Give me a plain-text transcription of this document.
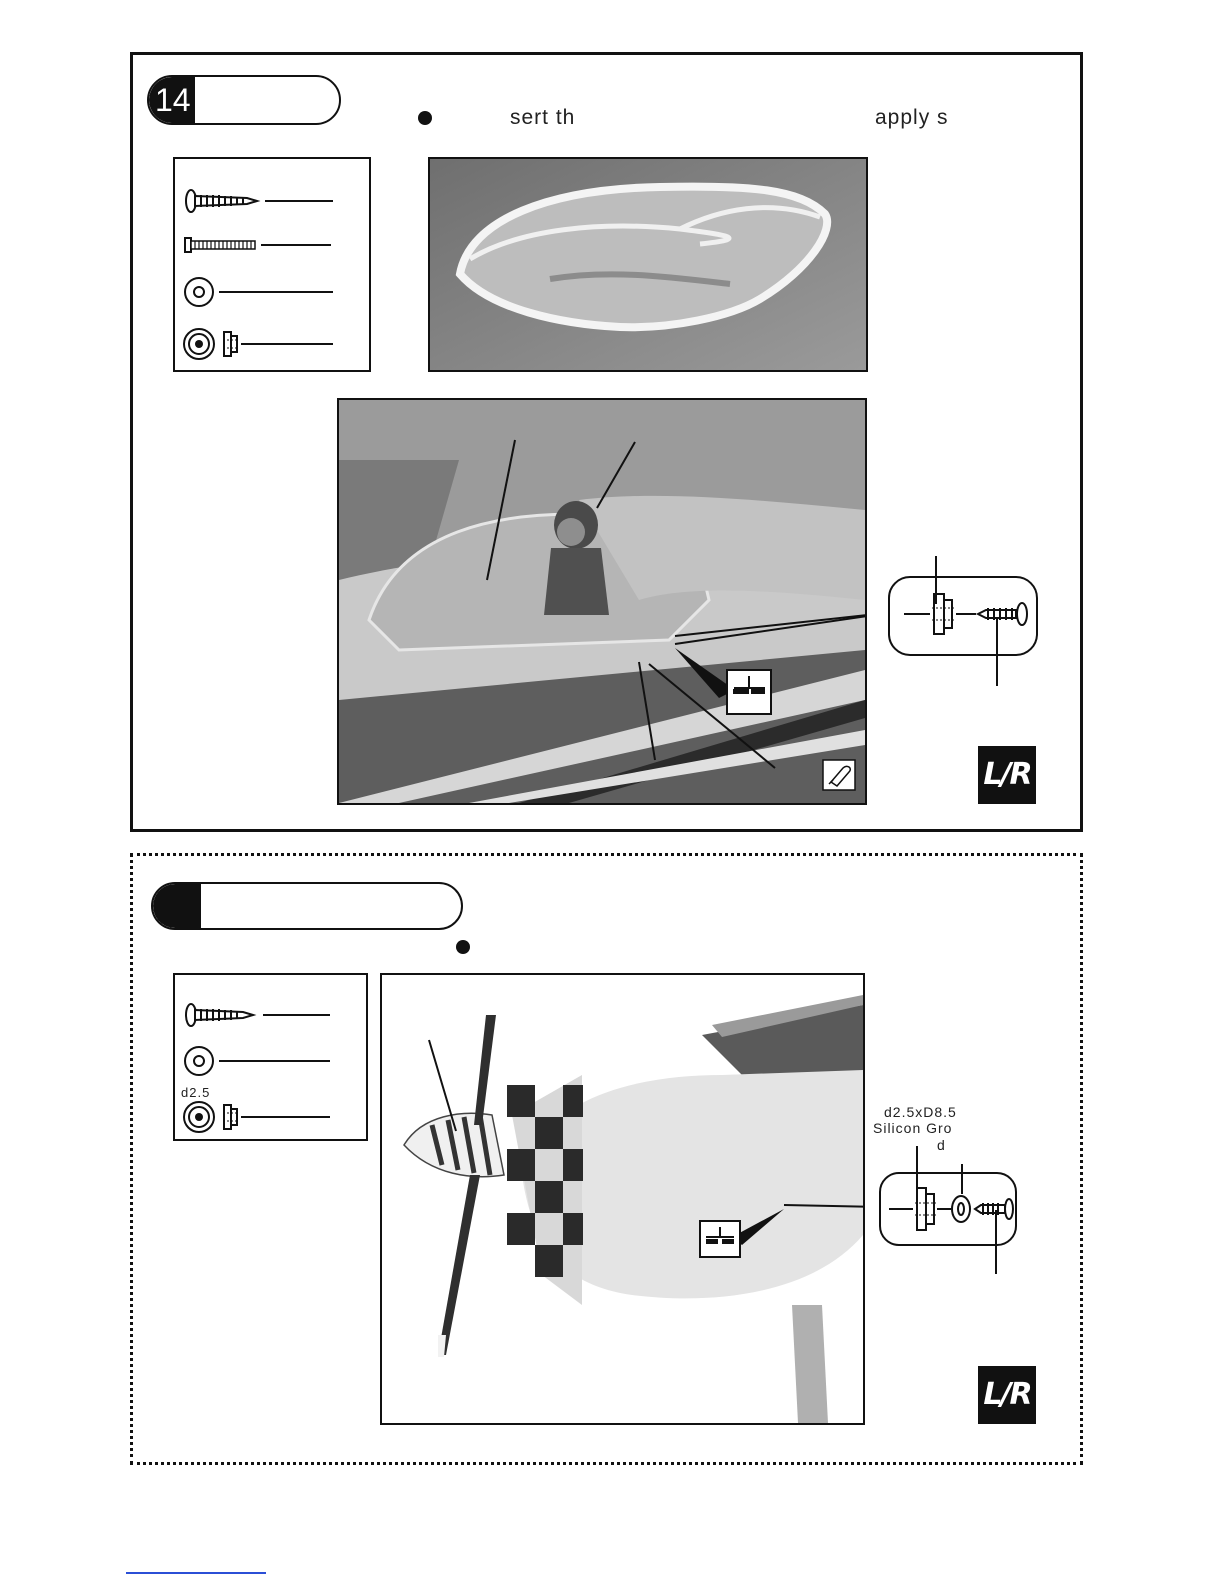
14	sert th	apply s
L/R
d2.5
d2.5xD8.5
Silicon Gro
d
L/R
